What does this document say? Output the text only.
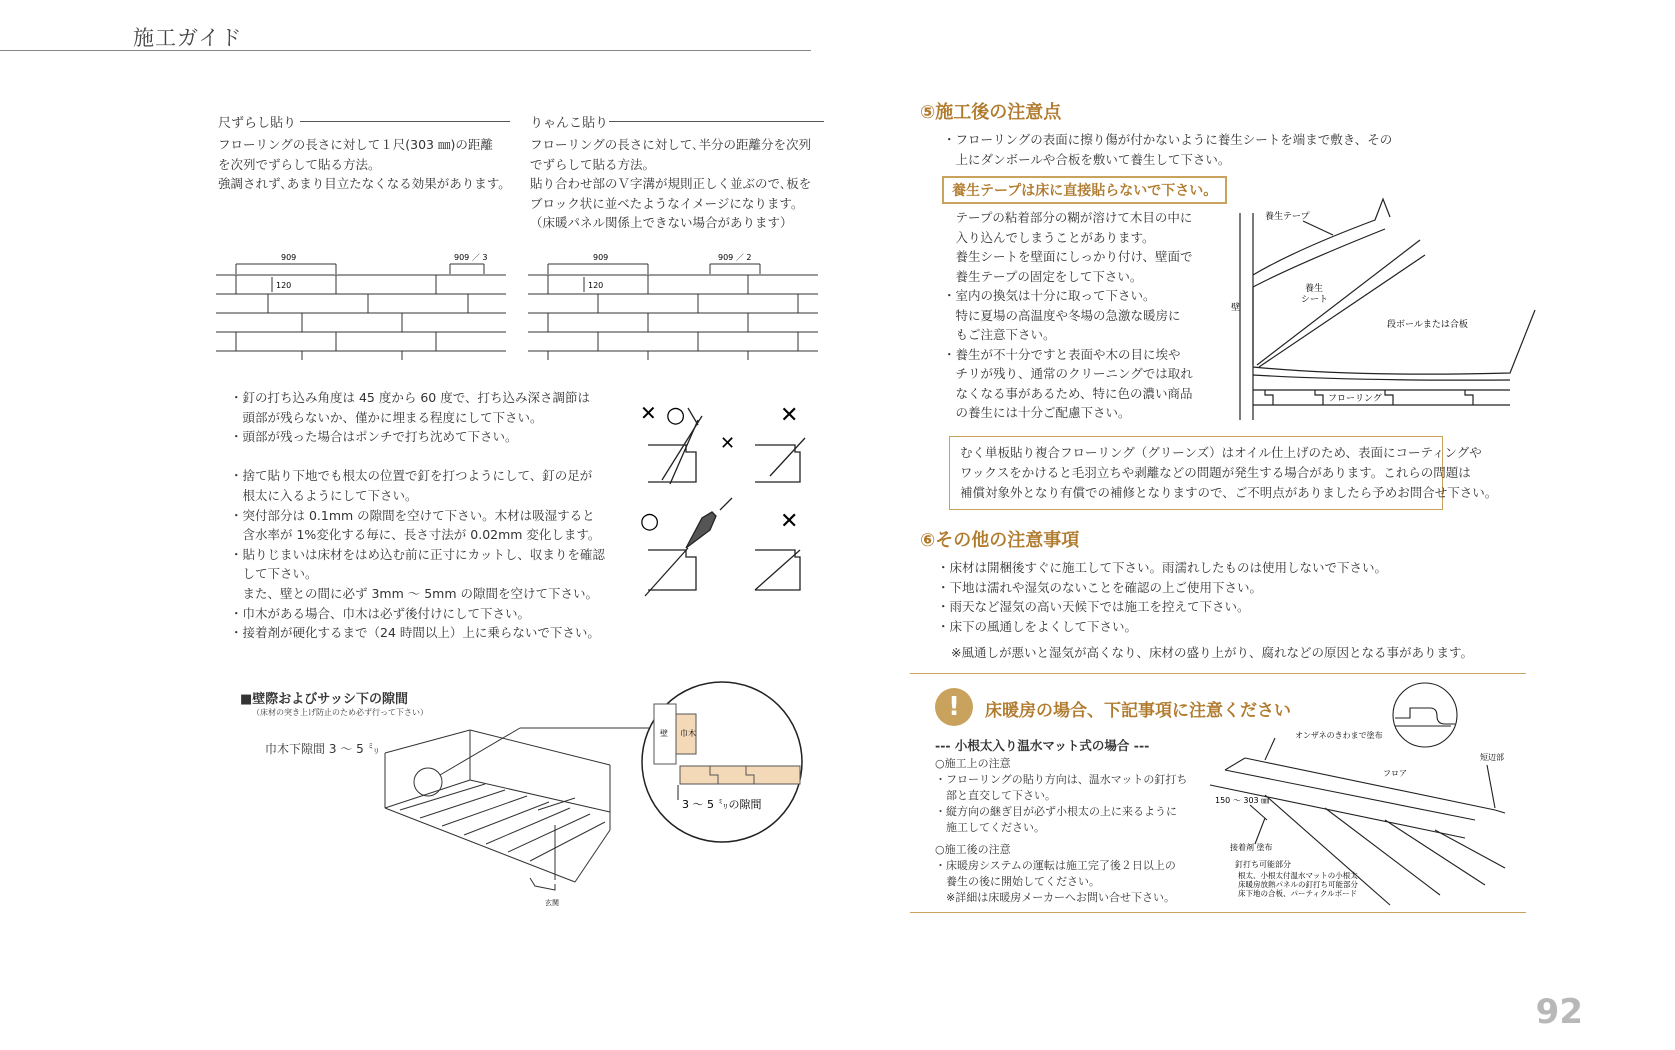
施工ガイド
尺ずらし貼り
フローリングの長さに対して１尺(303 ㎜)の距離
を次列でずらして貼る方法。
強調されず､あまり目立たなくなる効果があります。
りゃんこ貼り
フローリングの長さに対して､半分の距離分を次列
でずらして貼る方法。
貼り合わせ部のＶ字溝が規則正しく並ぶので､板を
ブロック状に並べたようなイメージになります。
（床暖パネル関係上できない場合があります）
909	909 ／ 3
120
909	909 ／ 2
120
・釘の打ち込み角度は 45 度から 60 度で、打ち込み深さ調節は
　頭部が残らないか、僅かに埋まる程度にして下さい。
・頭部が残った場合はポンチで打ち沈めて下さい。
・捨て貼り下地でも根太の位置で釘を打つようにして、釘の足が
　根太に入るようにして下さい。
・突付部分は 0.1mm の隙間を空けて下さい。木材は吸湿すると
　含水率が 1%変化する毎に、長さ寸法が 0.02mm 変化します。
・貼りじまいは床材をはめ込む前に正寸にカットし、収まりを確認
　して下さい。
　また、壁との間に必ず 3mm 〜 5mm の隙間を空けて下さい。
・巾木がある場合、巾木は必ず後付けにして下さい。
・接着剤が硬化するまで（24 時間以上）上に乗らないで下さい。
✕ ○
✕
✕
○	✕
■壁際およびサッシ下の隙間
（床材の突き上げ防止のため必ず行って下さい）
巾木下隙間 3 〜 5 ㍉
玄関
壁 巾木
3 〜 5 ㍉の隙間
⑤施工後の注意点
・フローリングの表面に擦り傷が付かないように養生シートを端まで敷き、その
　上にダンボールや合板を敷いて養生して下さい。
養生テープは床に直接貼らないで下さい。
　テープの粘着部分の糊が溶けて木目の中に
　入り込んでしまうことがあります。
　養生シートを壁面にしっかり付け、壁面で
　養生テープの固定をして下さい。
・室内の換気は十分に取って下さい。
　特に夏場の高温度や冬場の急激な暖房に
　もご注意下さい。
・養生が不十分ですと表面や木の目に埃や
　チリが残り、通常のクリーニングでは取れ
　なくなる事があるため、特に色の濃い商品
　の養生には十分ご配慮下さい。
養生テープ
養生
シート
段ボールまたは合板
壁
フローリング
むく単板貼り複合フローリング（グリーンズ）はオイル仕上げのため、表面にコーティングや
ワックスをかけると毛羽立ちや剥離などの問題が発生する場合があります。これらの問題は
補償対象外となり有償での補修となりますので、ご不明点がありましたら予めお問合せ下さい。
⑥その他の注意事項
・床材は開梱後すぐに施工して下さい。雨濡れしたものは使用しないで下さい。
・下地は濡れや湿気のないことを確認の上ご使用下さい。
・雨天など湿気の高い天候下では施工を控えて下さい。
・床下の風通しをよくして下さい。
※風通しが悪いと湿気が高くなり、床材の盛り上がり、腐れなどの原因となる事があります。
!	床暖房の場合、下記事項に注意ください
--- 小根太入り温水マット式の場合 ---
○施工上の注意
・フローリングの貼り方向は、温水マットの釘打ち
　部と直交して下さい。
・縦方向の継ぎ目が必ず小根太の上に来るように
　施工してください。
○施工後の注意
・床暖房システムの運転は施工完了後２日以上の
　養生の後に開始してください。
　※詳細は床暖房メーカーへお問い合せ下さい。
オンザネのきわまで塗布
短辺部
フロア
150 〜 303 ㎜
接着剤 塗布
釘打ち可能部分
根太、小根太付温水マットの小根太
床暖房放熱パネルの釘打ち可能部分
床下地の合板、パーティクルボード
92
